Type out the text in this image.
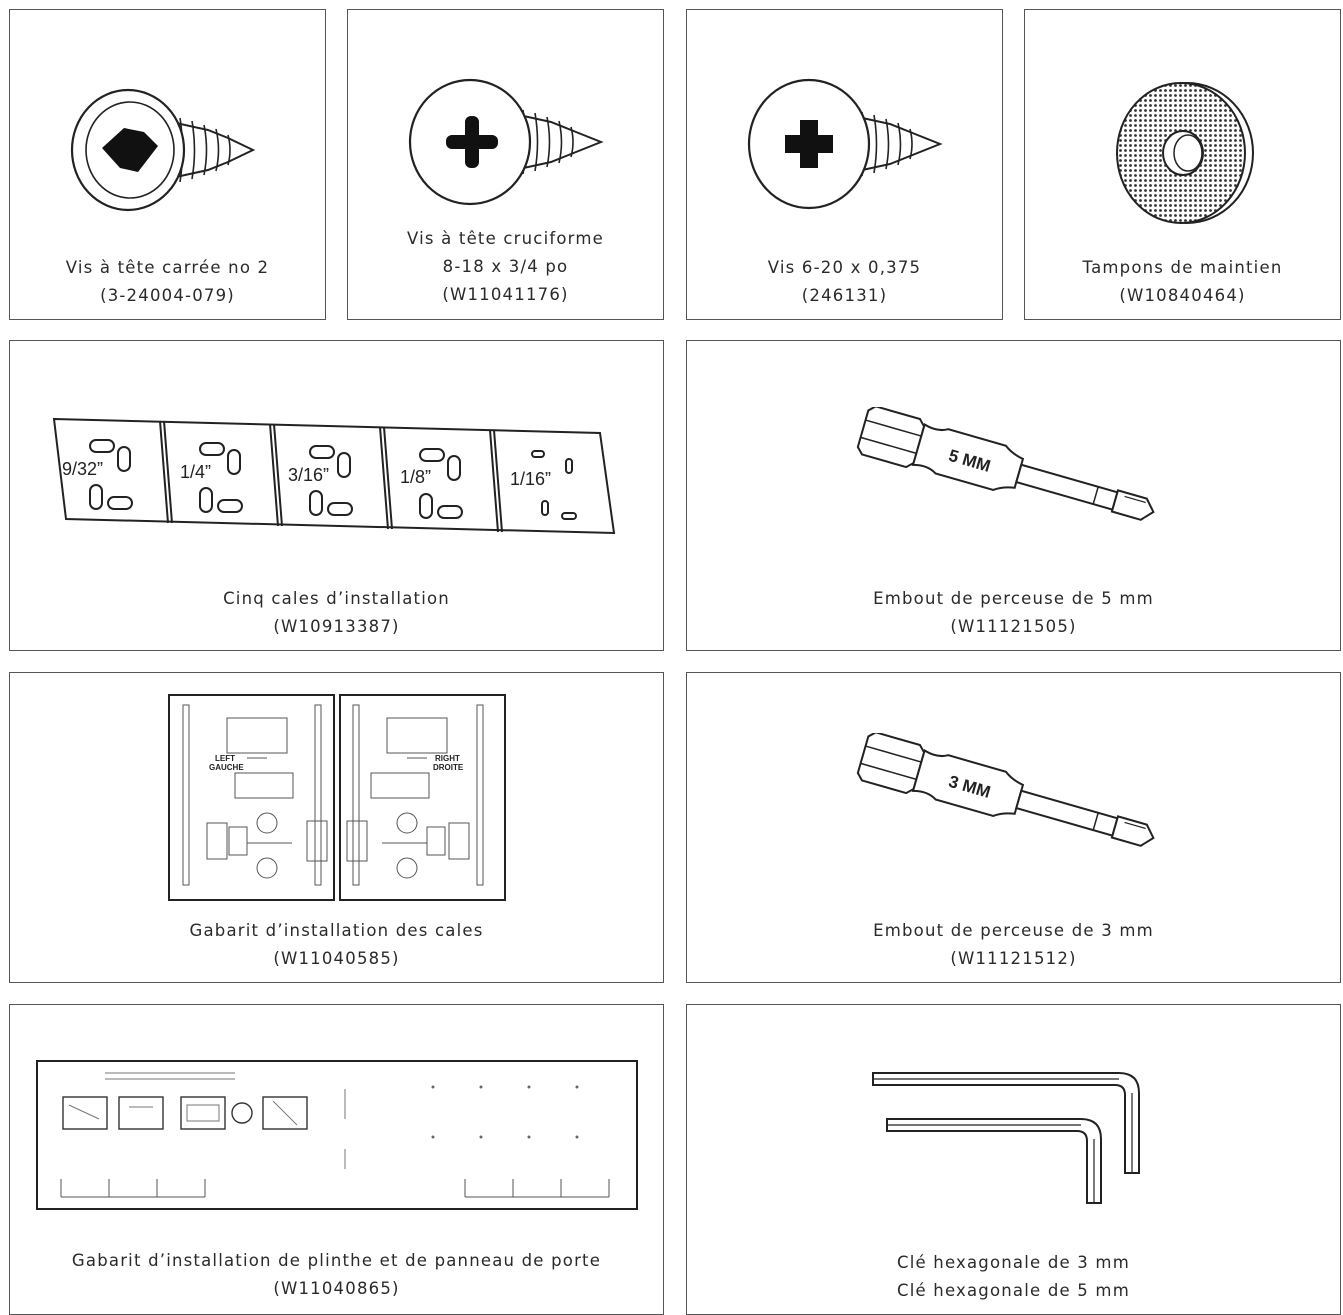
Vis à tête carrée no 2
(3-24004-079)
Vis à tête cruciforme
8-18 x 3/4 po
(W11041176)
Vis 6-20 x 0,375
(246131)
Tampons de maintien
(W10840464)
9/32”	1/4”	3/16”	1/8”	1/16”
Cinq cales d’installation
(W10913387)
5 MM
Embout de perceuse de 5 mm
(W11121505)
LEFT
GAUCHE
RIGHT
DROITE
Gabarit d’installation des cales
(W11040585)
3 MM
Embout de perceuse de 3 mm
(W11121512)
Gabarit d’installation de plinthe et de panneau de porte
(W11040865)
Clé hexagonale de 3 mm
Clé hexagonale de 5 mm
